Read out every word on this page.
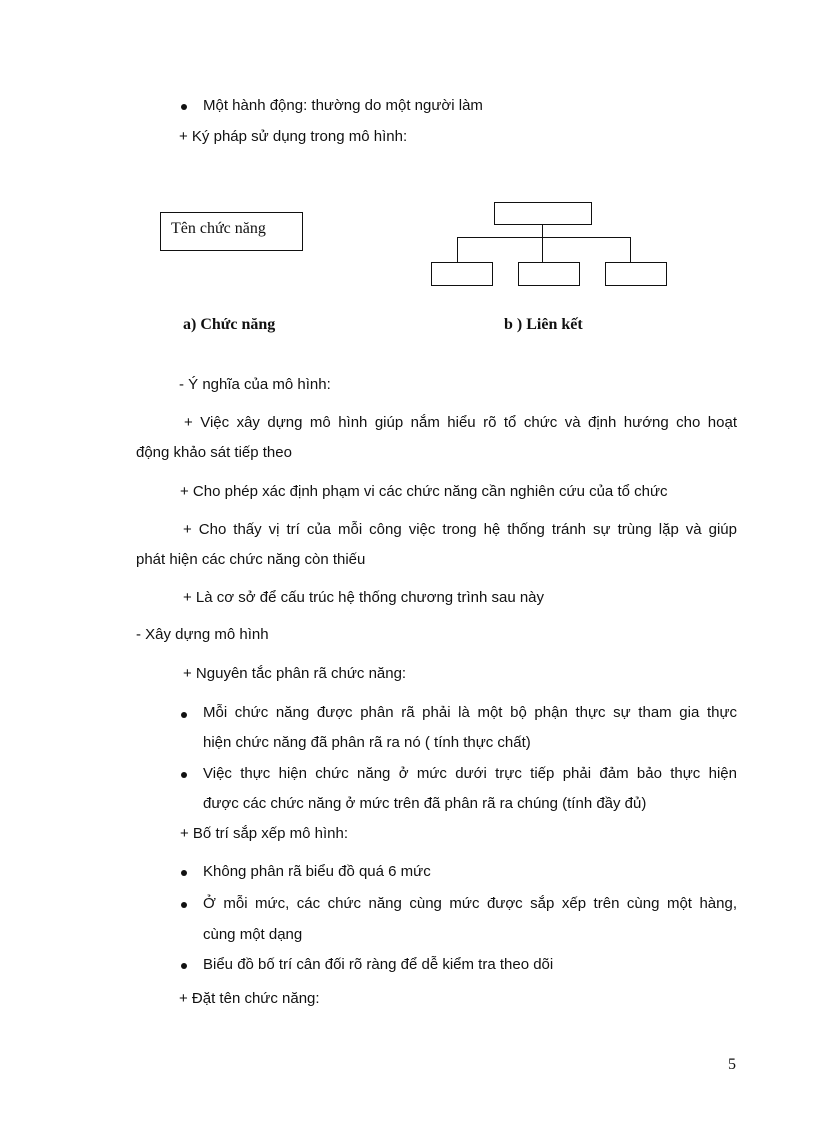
Một hành động: thường do một người làm
+ Ký pháp sử dụng trong mô hình:
Tên chức năng
a) Chức năng	b ) Liên kết
- Ý nghĩa của mô hình:
+ Việc xây dựng mô hình giúp nắm hiểu rõ tổ chức và định hướng cho hoạt
động khảo sát tiếp theo
+ Cho phép xác định phạm vi các chức năng cần nghiên cứu của tổ chức
+ Cho thấy vị trí của mỗi công việc trong hệ thống tránh sự trùng lặp và giúp
phát hiện các chức năng còn thiếu
+ Là cơ sở để cấu trúc hệ thống chương trình sau này
- Xây dựng mô hình
+ Nguyên tắc phân rã chức năng:
Mỗi chức năng được phân rã phải là một bộ phận thực sự tham gia thực
hiện chức năng đã phân rã ra nó ( tính thực chất)
Việc thực hiện chức năng ở mức dưới trực tiếp phải đảm bảo thực hiện
được các chức năng ở mức trên đã phân rã ra chúng (tính đầy đủ)
+ Bố trí sắp xếp mô hình:
Không phân rã biểu đồ quá 6 mức
Ở mỗi mức, các chức năng cùng mức được sắp xếp trên cùng một hàng,
cùng một dạng
Biểu đồ bố trí cân đối rõ ràng để dễ kiểm tra theo dõi
+ Đặt tên chức năng:
5
